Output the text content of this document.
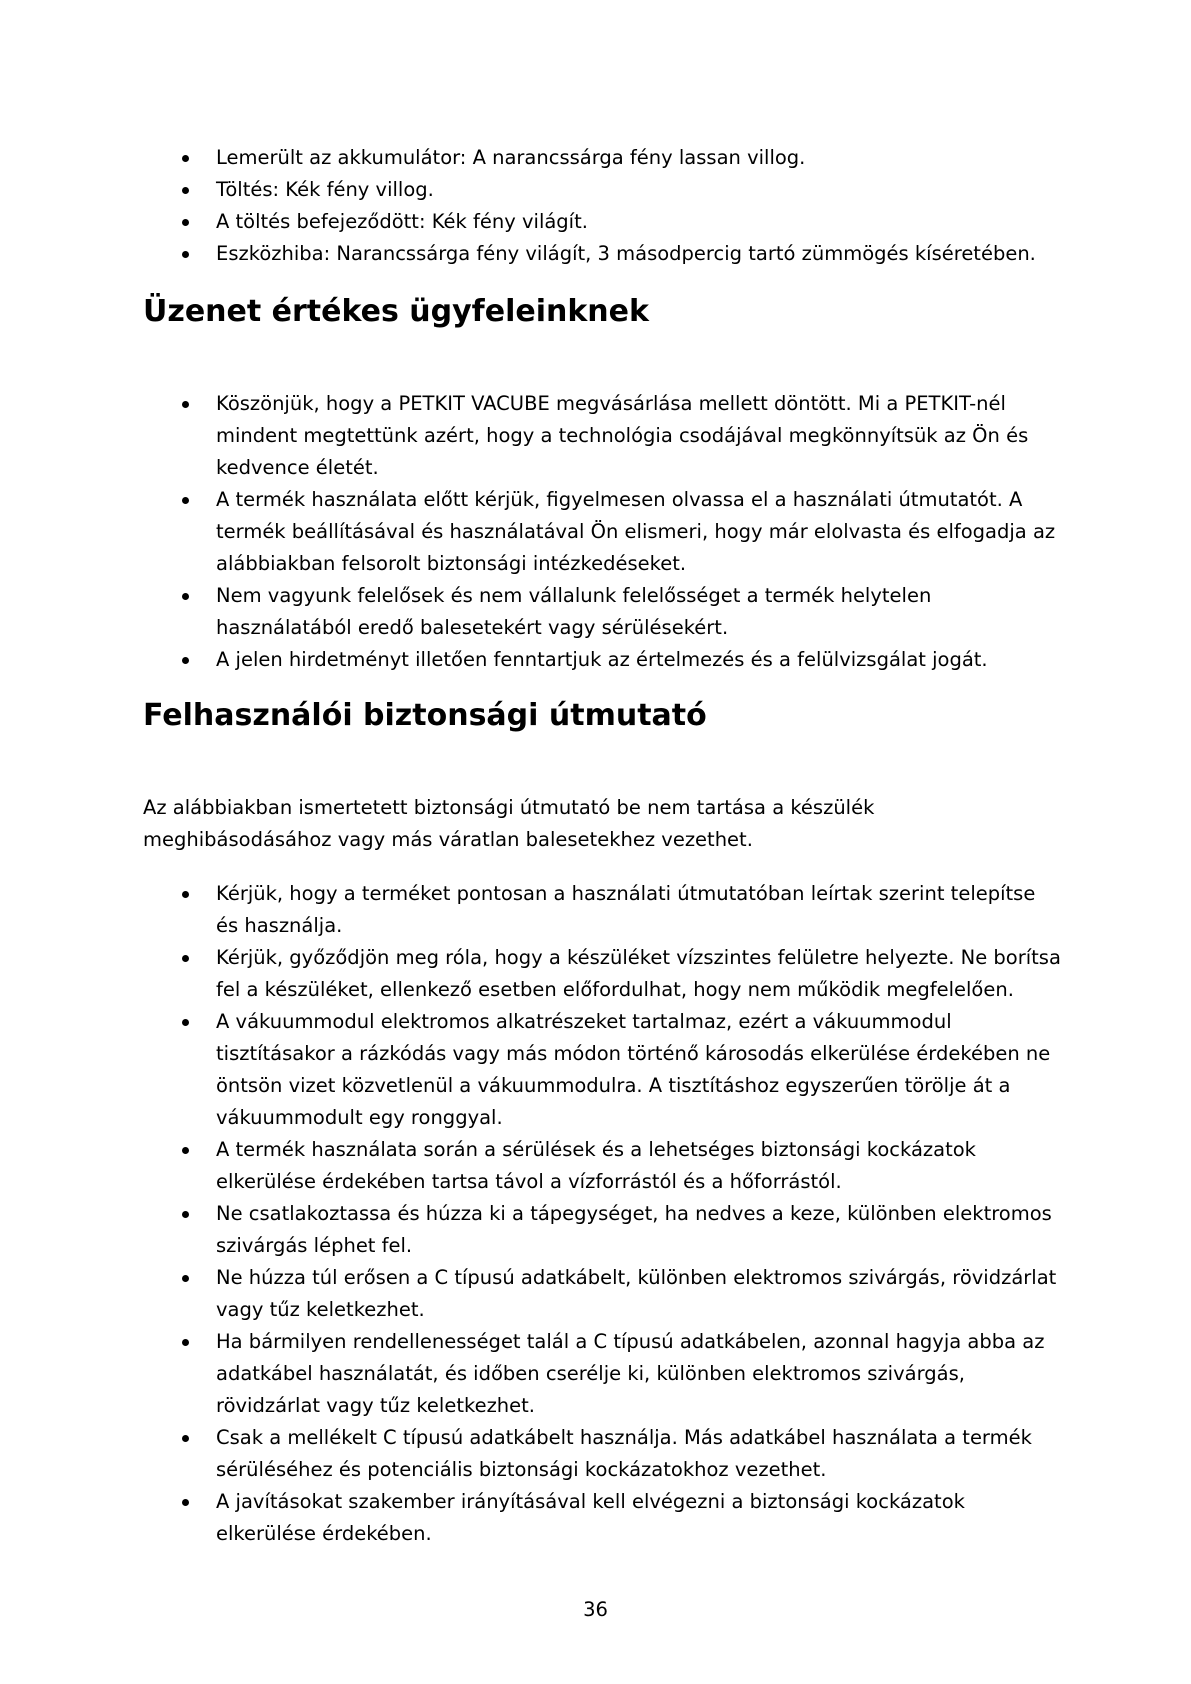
Lemerült az akkumulátor: A narancssárga fény lassan villog.
Töltés: Kék fény villog.
A töltés befejeződött: Kék fény világít.
Eszközhiba: Narancssárga fény világít, 3 másodpercig tartó zümmögés kíséretében.
Üzenet értékes ügyfeleinknek
Köszönjük, hogy a PETKIT VACUBE megvásárlása mellett döntött. Mi a PETKIT-nél mindent megtettünk azért, hogy a technológia csodájával megkönnyítsük az Ön és kedvence életét.
A termék használata előtt kérjük, figyelmesen olvassa el a használati útmutatót. A termék beállításával és használatával Ön elismeri, hogy már elolvasta és elfogadja az alábbiakban felsorolt biztonsági intézkedéseket.
Nem vagyunk felelősek és nem vállalunk felelősséget a termék helytelen használatából eredő balesetekért vagy sérülésekért.
A jelen hirdetményt illetően fenntartjuk az értelmezés és a felülvizsgálat jogát.
Felhasználói biztonsági útmutató

Az alábbiakban ismertetett biztonsági útmutató be nem tartása a készülék meghibásodásához vagy más váratlan balesetekhez vezethet.

Kérjük, hogy a terméket pontosan a használati útmutatóban leírtak szerint telepítse és használja.
Kérjük, győződjön meg róla, hogy a készüléket vízszintes felületre helyezte. Ne borítsa fel a készüléket, ellenkező esetben előfordulhat, hogy nem működik megfelelően.
A vákuummodul elektromos alkatrészeket tartalmaz, ezért a vákuummodul tisztításakor a rázkódás vagy más módon történő károsodás elkerülése érdekében ne öntsön vizet közvetlenül a vákuummodulra. A tisztításhoz egyszerűen törölje át a vákuummodult egy ronggyal.
A termék használata során a sérülések és a lehetséges biztonsági kockázatok elkerülése érdekében tartsa távol a vízforrástól és a hőforrástól.
Ne csatlakoztassa és húzza ki a tápegységet, ha nedves a keze, különben elektromos szivárgás léphet fel.
Ne húzza túl erősen a C típusú adatkábelt, különben elektromos szivárgás, rövidzárlat vagy tűz keletkezhet.
Ha bármilyen rendellenességet talál a C típusú adatkábelen, azonnal hagyja abba az adatkábel használatát, és időben cserélje ki, különben elektromos szivárgás, rövidzárlat vagy tűz keletkezhet.
Csak a mellékelt C típusú adatkábelt használja. Más adatkábel használata a termék sérüléséhez és potenciális biztonsági kockázatokhoz vezethet.
A javításokat szakember irányításával kell elvégezni a biztonsági kockázatok elkerülése érdekében.
36
